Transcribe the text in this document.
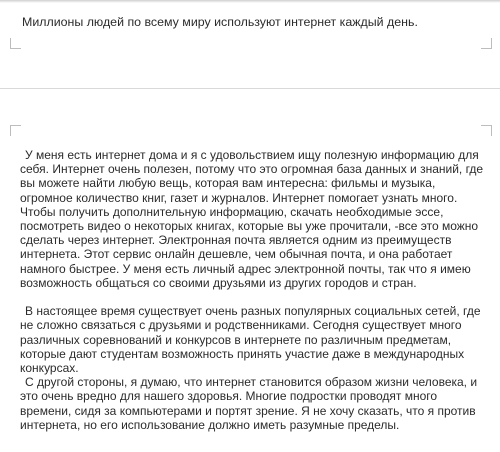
Миллионы людей по всему миру используют интернет каждый день.

У меня есть интернет дома и я с удовольствием ищу полезную информацию для себя. Интернет очень полезен, потому что это огромная база данных и знаний, где вы можете найти любую вещь, которая вам интересна: фильмы и музыка, огромное количество книг, газет и журналов. Интернет помогает узнать много. Чтобы получить дополнительную информацию, скачать необходимые эссе, посмотреть видео о некоторых книгах, которые вы уже прочитали, -все это можно сделать через интернет. Электронная почта является одним из преимуществ интернета. Этот сервис онлайн дешевле, чем обычная почта, и она работает намного быстрее. У меня есть личный адрес электронной почты, так что я имею возможность общаться со своими друзьями из других городов и стран.

В настоящее время существует очень разных популярных социальных сетей, где не сложно связаться с друзьями и родственниками. Сегодня существует много различных соревнований и конкурсов в интернете по различным предметам, которые дают студентам возможность принять участие даже в международных конкурсах.

С другой стороны, я думаю, что интернет становится образом жизни человека, и это очень вредно для нашего здоровья. Многие подростки проводят много времени, сидя за компьютерами и портят зрение. Я не хочу сказать, что я против интернета, но его использование должно иметь разумные пределы.
